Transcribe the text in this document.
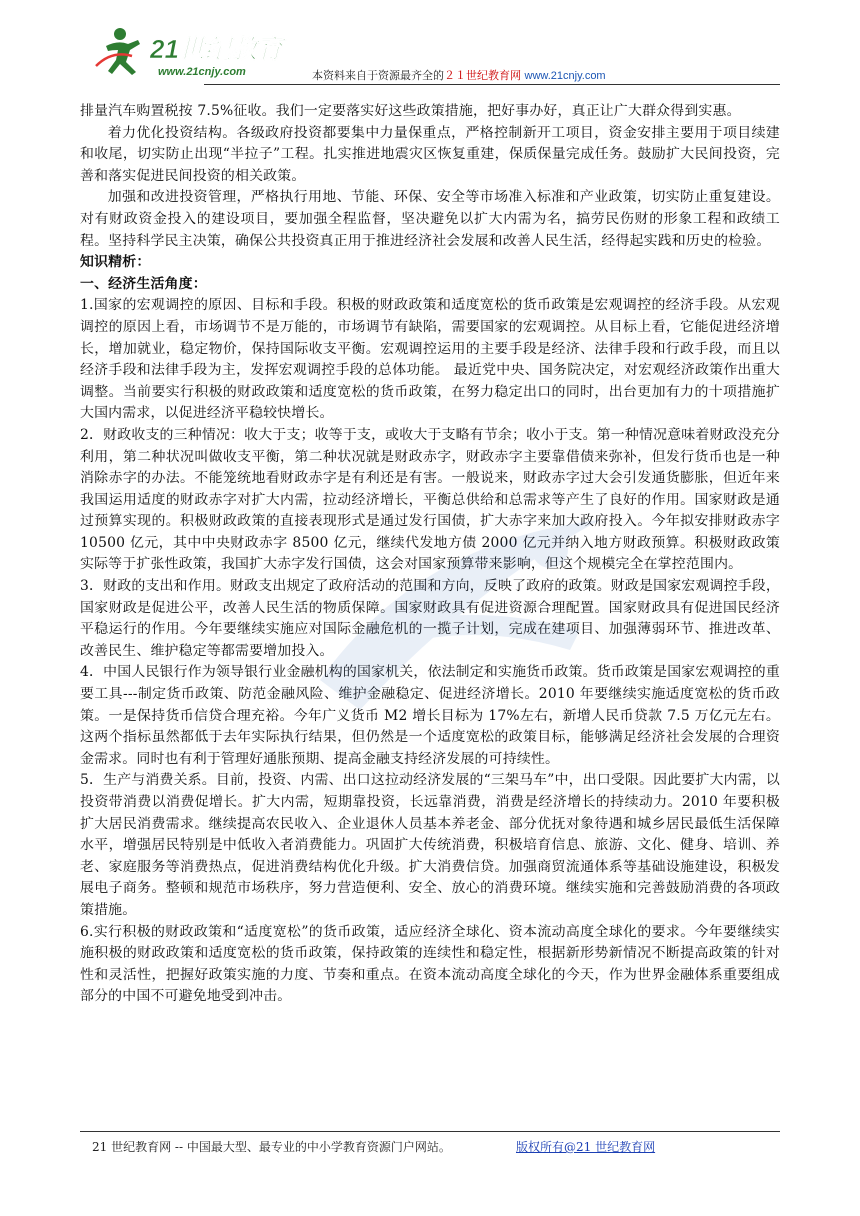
21世纪教育
www.21cnjy.com	本资料来自于资源最齐全的２１世纪教育网 www.21cnjy.com

排量汽车购置税按 7.5%征收。我们一定要落实好这些政策措施，把好事办好，真正让广大群众得到实惠。

着力优化投资结构。各级政府投资都要集中力量保重点，严格控制新开工项目，资金安排主要用于项目续建和收尾，切实防止出现“半拉子”工程。扎实推进地震灾区恢复重建，保质保量完成任务。鼓励扩大民间投资，完善和落实促进民间投资的相关政策。

加强和改进投资管理，严格执行用地、节能、环保、安全等市场准入标准和产业政策，切实防止重复建设。对有财政资金投入的建设项目，要加强全程监督，坚决避免以扩大内需为名，搞劳民伤财的形象工程和政绩工程。坚持科学民主决策，确保公共投资真正用于推进经济社会发展和改善人民生活，经得起实践和历史的检验。

知识精析：

一、经济生活角度：

1.国家的宏观调控的原因、目标和手段。积极的财政政策和适度宽松的货币政策是宏观调控的经济手段。从宏观调控的原因上看，市场调节不是万能的，市场调节有缺陷，需要国家的宏观调控。从目标上看，它能促进经济增长，增加就业，稳定物价，保持国际收支平衡。宏观调控运用的主要手段是经济、法律手段和行政手段，而且以经济手段和法律手段为主，发挥宏观调控手段的总体功能。 最近党中央、国务院决定，对宏观经济政策作出重大调整。当前要实行积极的财政政策和适度宽松的货币政策，在努力稳定出口的同时，出台更加有力的十项措施扩大国内需求，以促进经济平稳较快增长。

2．财政收支的三种情况：收大于支；收等于支，或收大于支略有节余；收小于支。第一种情况意味着财政没充分利用，第二种状况叫做收支平衡，第二种状况就是财政赤字，财政赤字主要靠借债来弥补，但发行货币也是一种消除赤字的办法。不能笼统地看财政赤字是有利还是有害。一般说来，财政赤字过大会引发通货膨胀，但近年来我国运用适度的财政赤字对扩大内需，拉动经济增长，平衡总供给和总需求等产生了良好的作用。国家财政是通过预算实现的。积极财政政策的直接表现形式是通过发行国债，扩大赤字来加大政府投入。今年拟安排财政赤字 10500 亿元，其中中央财政赤字 8500 亿元，继续代发地方债 2000 亿元并纳入地方财政预算。积极财政政策实际等于扩张性政策，我国扩大赤字发行国债，这会对国家预算带来影响，但这个规模完全在掌控范围内。

3．财政的支出和作用。财政支出规定了政府活动的范围和方向，反映了政府的政策。财政是国家宏观调控手段，国家财政是促进公平，改善人民生活的物质保障。国家财政具有促进资源合理配置。国家财政具有促进国民经济平稳运行的作用。今年要继续实施应对国际金融危机的一揽子计划，完成在建项目、加强薄弱环节、推进改革、改善民生、维护稳定等都需要增加投入。

4．中国人民银行作为领导银行业金融机构的国家机关，依法制定和实施货币政策。货币政策是国家宏观调控的重要工具---制定货币政策、防范金融风险、维护金融稳定、促进经济增长。2010 年要继续实施适度宽松的货币政策。一是保持货币信贷合理充裕。今年广义货币 M2 增长目标为 17%左右，新增人民币贷款 7.5 万亿元左右。这两个指标虽然都低于去年实际执行结果，但仍然是一个适度宽松的政策目标，能够满足经济社会发展的合理资金需求。同时也有利于管理好通胀预期、提高金融支持经济发展的可持续性。

5．生产与消费关系。目前，投资、内需、出口这拉动经济发展的“三架马车”中，出口受限。因此要扩大内需，以投资带消费以消费促增长。扩大内需，短期靠投资，长远靠消费，消费是经济增长的持续动力。2010 年要积极扩大居民消费需求。继续提高农民收入、企业退休人员基本养老金、部分优抚对象待遇和城乡居民最低生活保障水平，增强居民特别是中低收入者消费能力。巩固扩大传统消费，积极培育信息、旅游、文化、健身、培训、养老、家庭服务等消费热点，促进消费结构优化升级。扩大消费信贷。加强商贸流通体系等基础设施建设，积极发展电子商务。整顿和规范市场秩序，努力营造便利、安全、放心的消费环境。继续实施和完善鼓励消费的各项政策措施。

6.实行积极的财政政策和“适度宽松”的货币政策，适应经济全球化、资本流动高度全球化的要求。今年要继续实施积极的财政政策和适度宽松的货币政策，保持政策的连续性和稳定性，根据新形势新情况不断提高政策的针对性和灵活性，把握好政策实施的力度、节奏和重点。在资本流动高度全球化的今天，作为世界金融体系重要组成部分的中国不可避免地受到冲击。

21 世纪教育网 -- 中国最大型、最专业的中小学教育资源门户网站。	版权所有@21 世纪教育网
